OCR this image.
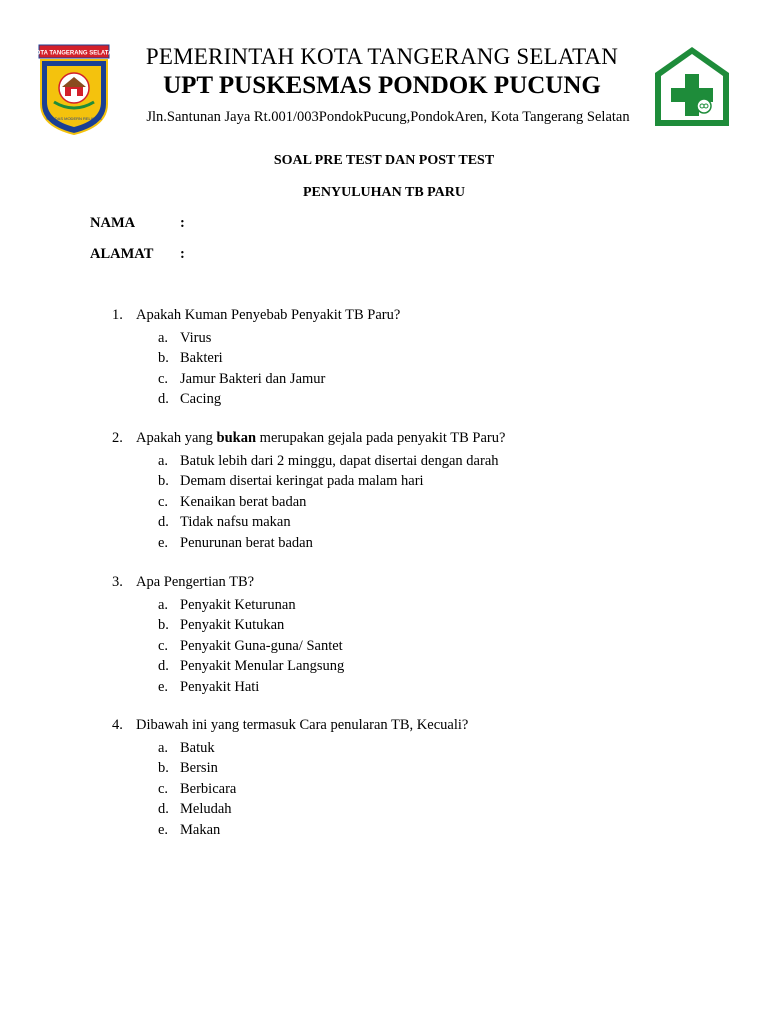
KOTA TANGERANG SELATAN
CERDAS MODERN RELIGIUS
PEMERINTAH KOTA TANGERANG SELATAN
UPT PUSKESMAS PONDOK PUCUNG
Jln.Santunan Jaya Rt.001/003PondokPucung,PondokAren, Kota Tangerang Selatan
SOAL PRE TEST DAN POST TEST
PENYULUHAN TB PARU
NAMA	:
ALAMAT :
1. Apakah Kuman Penyebab Penyakit TB Paru?
a. Virus
b. Bakteri
c. Jamur Bakteri dan Jamur
d. Cacing
2. Apakah yang bukan merupakan gejala pada penyakit TB Paru?
a. Batuk lebih dari 2 minggu, dapat disertai dengan darah
b. Demam disertai keringat pada malam hari
c. Kenaikan berat badan
d. Tidak nafsu makan
e. Penurunan berat badan
3. Apa Pengertian TB?
a. Penyakit Keturunan
b. Penyakit Kutukan
c. Penyakit Guna-guna/ Santet
d. Penyakit Menular Langsung
e. Penyakit Hati
4. Dibawah ini yang termasuk Cara penularan TB, Kecuali?
a. Batuk
b. Bersin
c. Berbicara
d. Meludah
e. Makan
